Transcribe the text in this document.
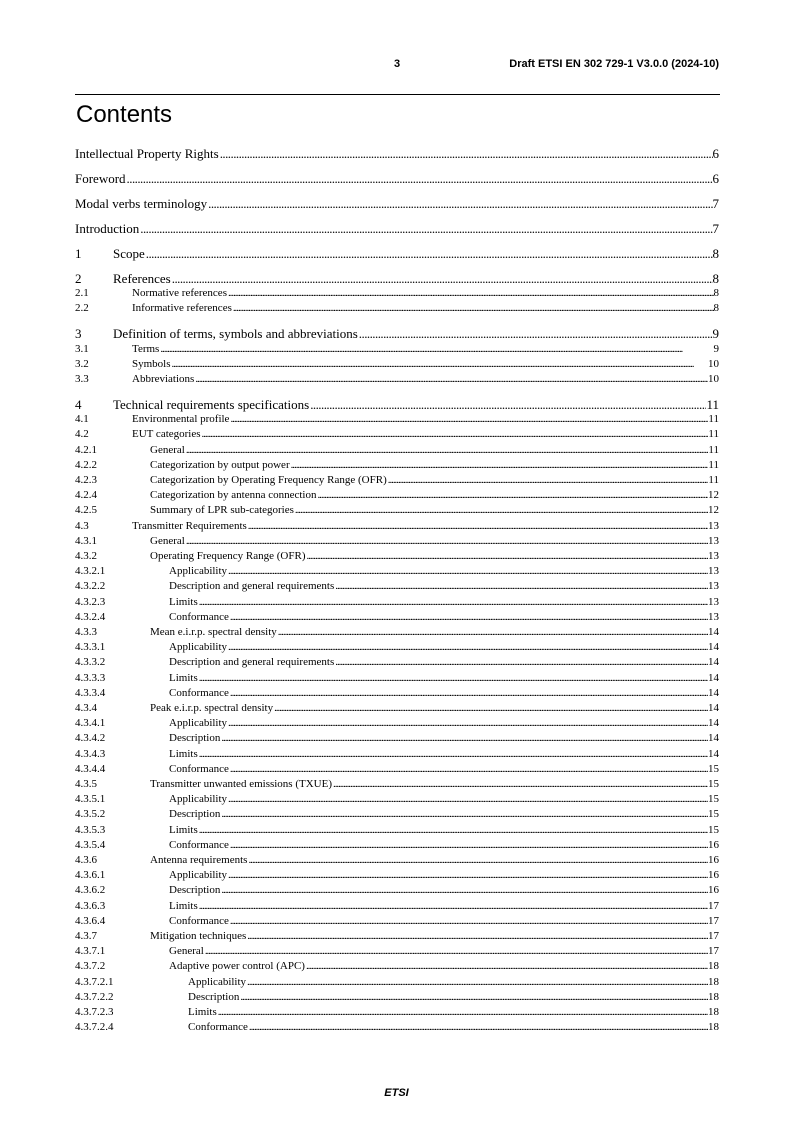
3	Draft ETSI EN 302 729-1 V3.0.0 (2024-10)
Contents
Intellectual Property Rights . . .	6
Foreword . . .	6
Modal verbs terminology . . .	7
Introduction . . .	7
1	Scope . . .	8
2	References . . .	8
2.1	Normative references . . .	8
2.2	Informative references . . .	8
3	Definition of terms, symbols and abbreviations . . .	9
3.1	Terms . . .	9
3.2	Symbols . . .	10
3.3	Abbreviations . . .	10
4	Technical requirements specifications . . .	11
4.1	Environmental profile . . .	11
4.2	EUT categories . . .	11
4.2.1	General . . .	11
4.2.2	Categorization by output power . . .	11
4.2.3	Categorization by Operating Frequency Range (OFR) . . .	11
4.2.4	Categorization by antenna connection . . .	12
4.2.5	Summary of LPR sub-categories . . .	12
4.3	Transmitter Requirements . . .	13
4.3.1	General . . .	13
4.3.2	Operating Frequency Range (OFR) . . .	13
4.3.2.1	Applicability . . .	13
4.3.2.2	Description and general requirements . . .	13
4.3.2.3	Limits . . .	13
4.3.2.4	Conformance . . .	13
4.3.3	Mean e.i.r.p. spectral density . . .	14
4.3.3.1	Applicability . . .	14
4.3.3.2	Description and general requirements . . .	14
4.3.3.3	Limits . . .	14
4.3.3.4	Conformance . . .	14
4.3.4	Peak e.i.r.p. spectral density . . .	14
4.3.4.1	Applicability . . .	14
4.3.4.2	Description . . .	14
4.3.4.3	Limits . . .	14
4.3.4.4	Conformance . . .	15
4.3.5	Transmitter unwanted emissions (TXUE) . . .	15
4.3.5.1	Applicability . . .	15
4.3.5.2	Description . . .	15
4.3.5.3	Limits . . .	15
4.3.5.4	Conformance . . .	16
4.3.6	Antenna requirements . . .	16
4.3.6.1	Applicability . . .	16
4.3.6.2	Description . . .	16
4.3.6.3	Limits . . .	17
4.3.6.4	Conformance . . .	17
4.3.7	Mitigation techniques . . .	17
4.3.7.1	General . . .	17
4.3.7.2	Adaptive power control (APC) . . .	18
4.3.7.2.1	Applicability . . .	18
4.3.7.2.2	Description . . .	18
4.3.7.2.3	Limits . . .	18
4.3.7.2.4	Conformance . . .	18
ETSI
